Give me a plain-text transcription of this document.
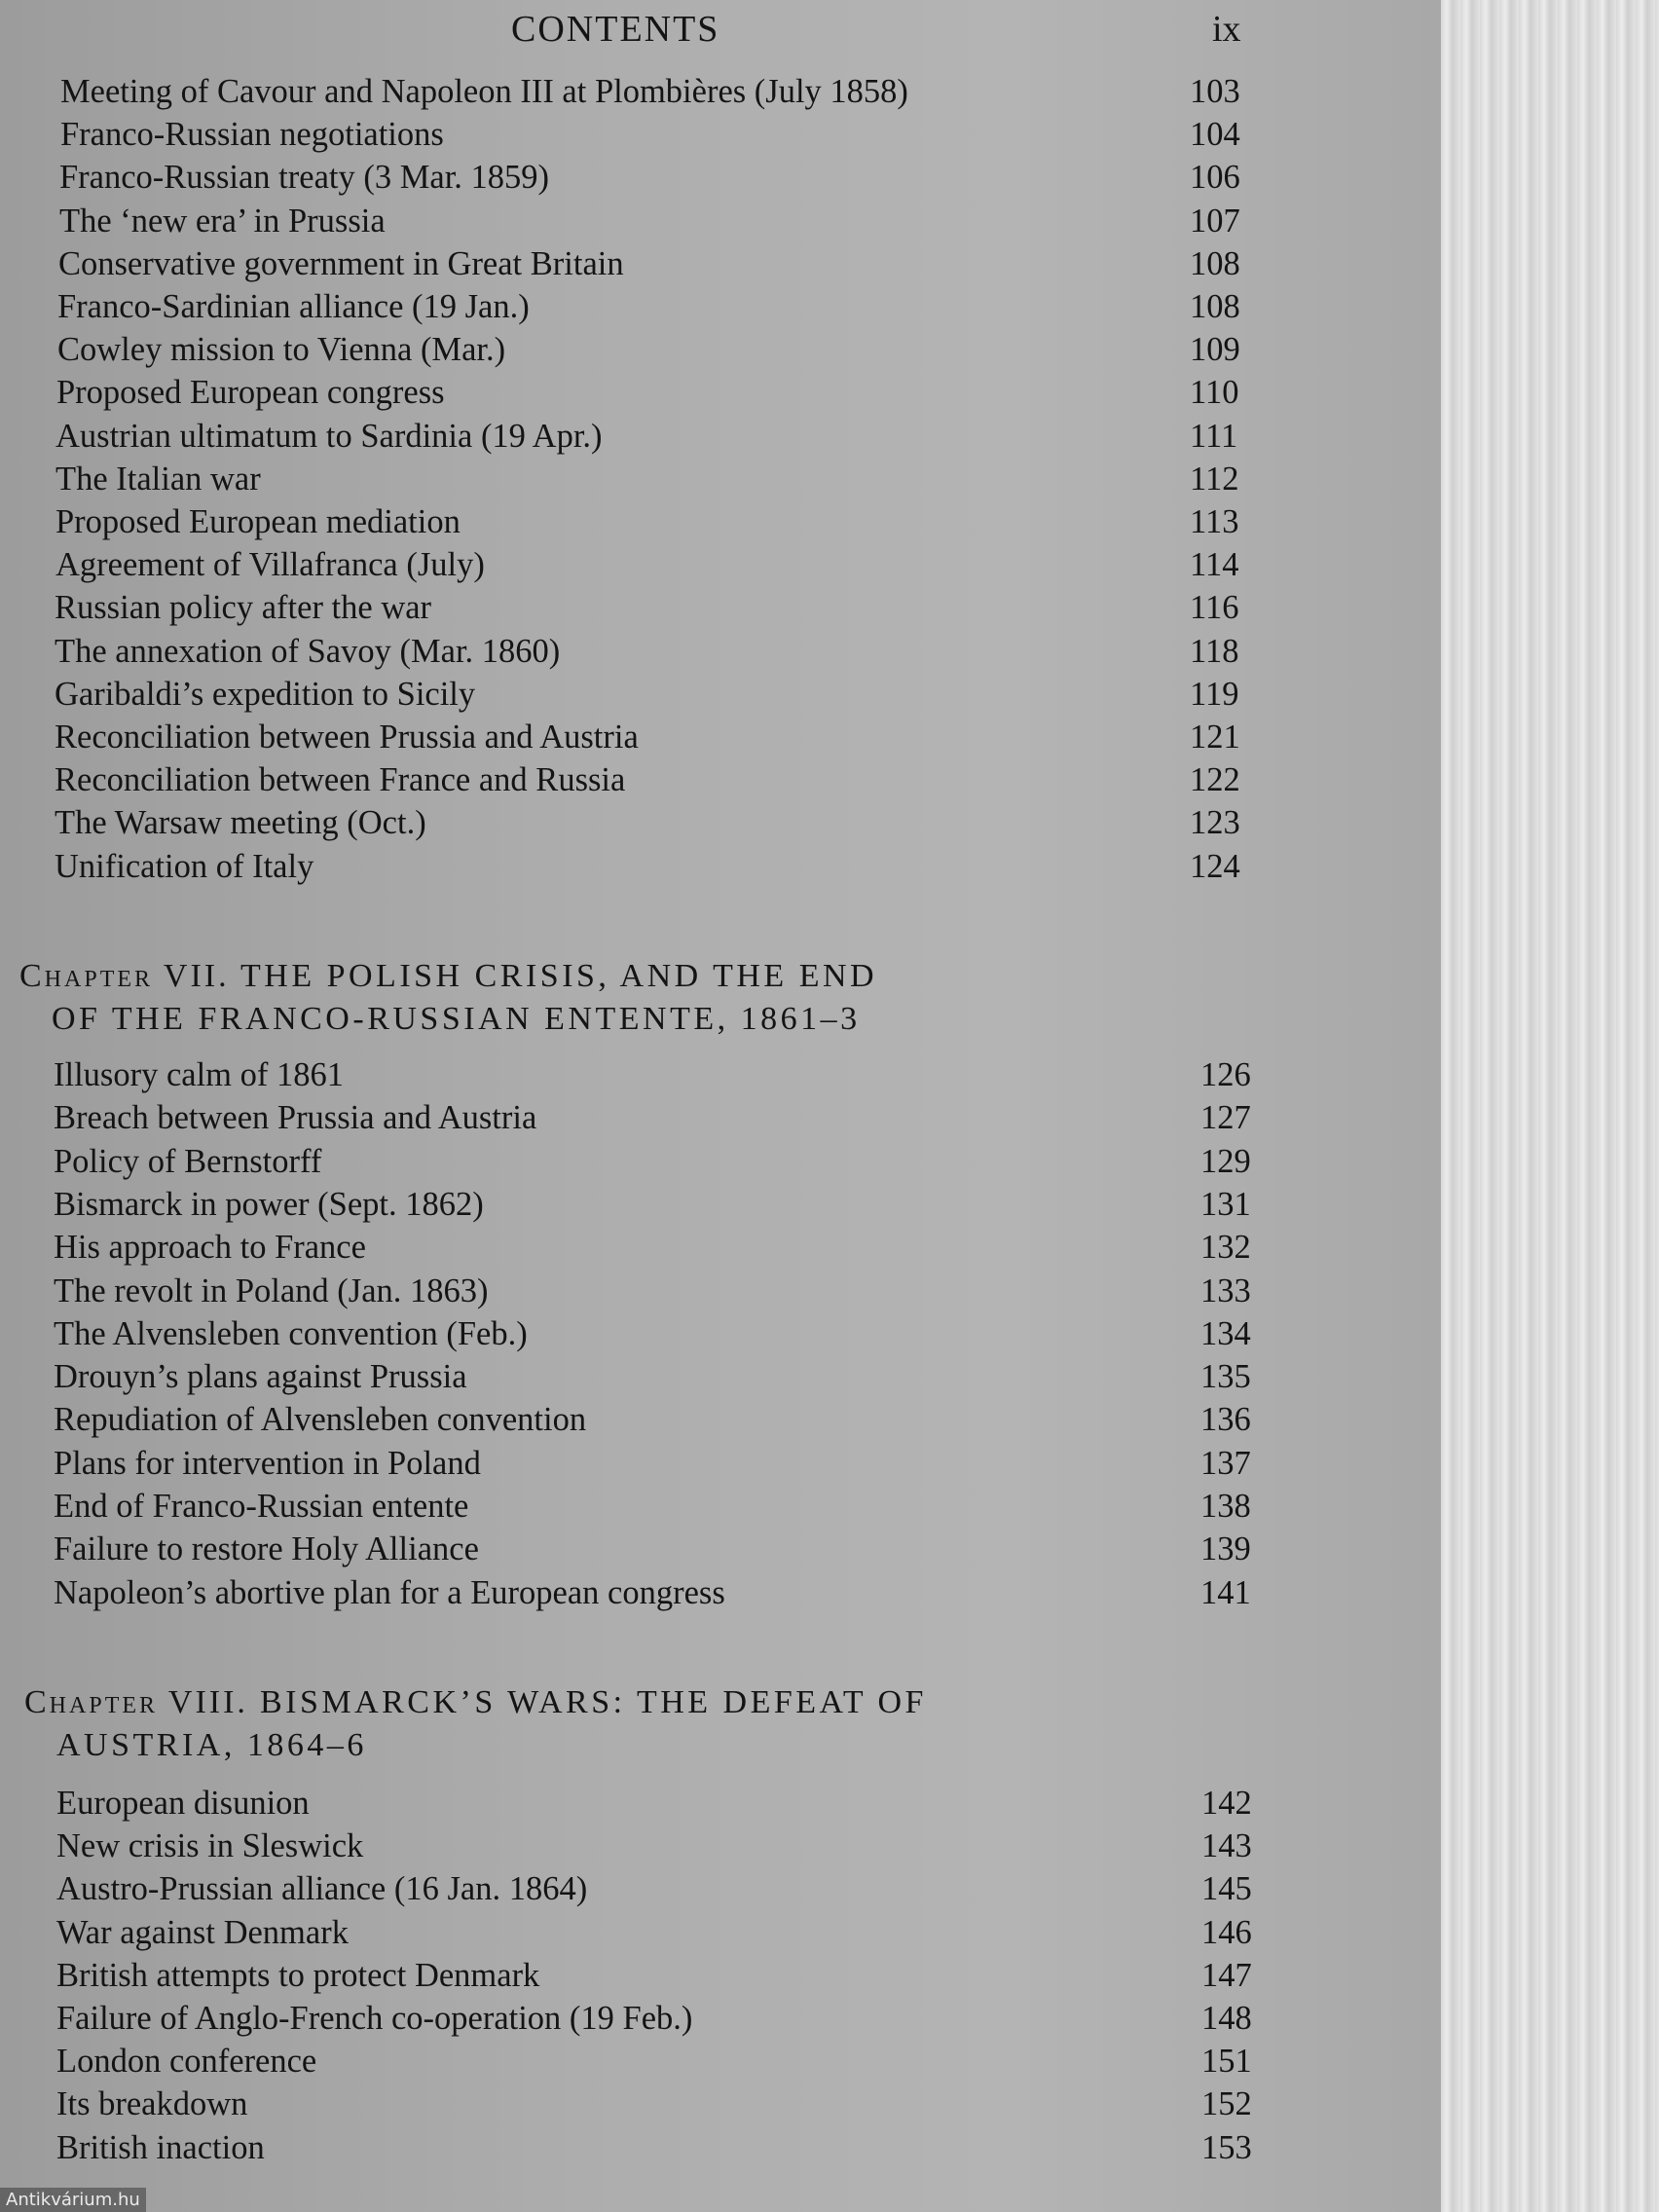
CONTENTS	ix
Meeting of Cavour and Napoleon III at Plombières (July 1858)	103
Franco-Russian negotiations	104
Franco-Russian treaty (3 Mar. 1859)	106
The ‘new era’ in Prussia	107
Conservative government in Great Britain	108
Franco-Sardinian alliance (19 Jan.)	108
Cowley mission to Vienna (Mar.)	109
Proposed European congress	110
Austrian ultimatum to Sardinia (19 Apr.)	111
The Italian war	112
Proposed European mediation	113
Agreement of Villafranca (July)	114
Russian policy after the war	116
The annexation of Savoy (Mar. 1860)	118
Garibaldi’s expedition to Sicily	119
Reconciliation between Prussia and Austria	121
Reconciliation between France and Russia	122
The Warsaw meeting (Oct.)	123
Unification of Italy	124
Chapter VII. THE POLISH CRISIS, AND THE END
OF THE FRANCO-RUSSIAN ENTENTE, 1861–3
Illusory calm of 1861	126
Breach between Prussia and Austria	127
Policy of Bernstorff	129
Bismarck in power (Sept. 1862)	131
His approach to France	132
The revolt in Poland (Jan. 1863)	133
The Alvensleben convention (Feb.)	134
Drouyn’s plans against Prussia	135
Repudiation of Alvensleben convention	136
Plans for intervention in Poland	137
End of Franco-Russian entente	138
Failure to restore Holy Alliance	139
Napoleon’s abortive plan for a European congress	141
Chapter VIII. BISMARCK’S WARS: THE DEFEAT OF
AUSTRIA, 1864–6
European disunion	142
New crisis in Sleswick	143
Austro-Prussian alliance (16 Jan. 1864)	145
War against Denmark	146
British attempts to protect Denmark	147
Failure of Anglo-French co-operation (19 Feb.)	148
London conference	151
Its breakdown	152
British inaction	153
Antikvárium.hu
